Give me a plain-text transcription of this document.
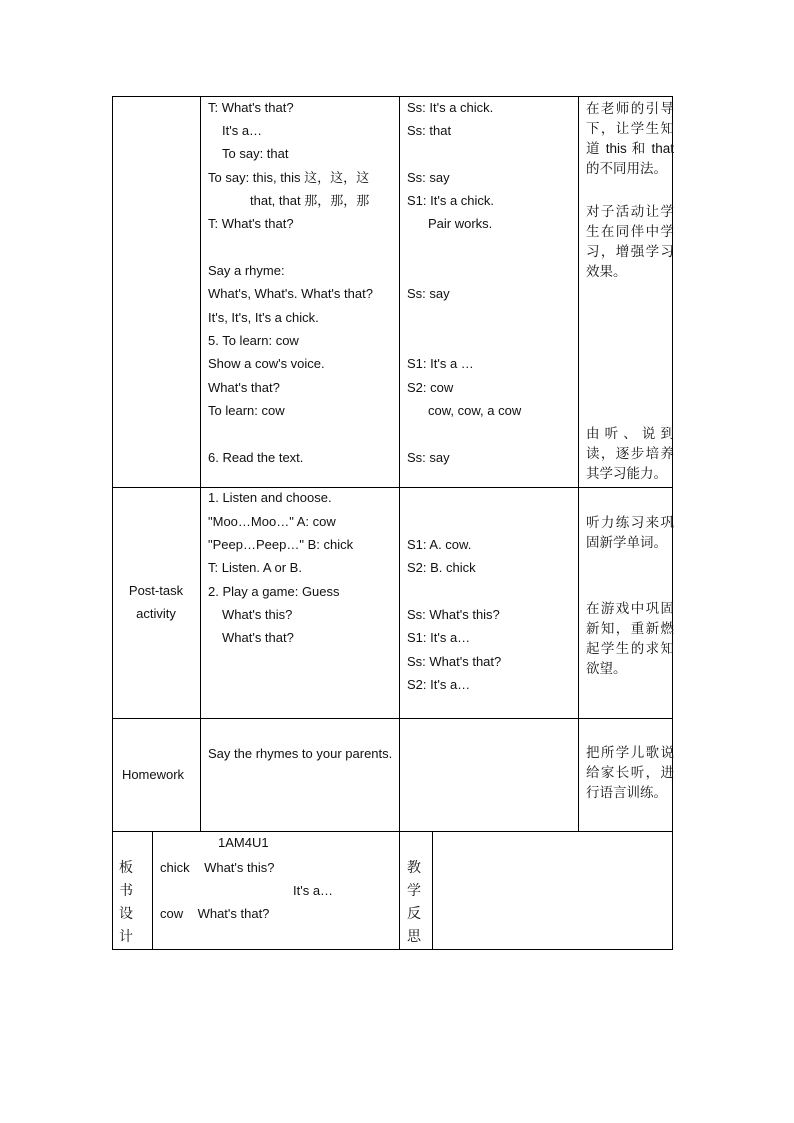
T: What's that?
It's a…
To say: that
To say: this, this 这，这，这
that, that 那，那，那
T: What's that?
Say a rhyme:
What's, What's. What's that?
It's, It's, It's a chick.
5. To learn: cow
Show a cow's voice.
What's that?
To learn: cow
6. Read the text.
Ss: It's a chick.
Ss: that
Ss: say
S1: It's a chick.
Pair works.
Ss: say
S1: It's a …
S2: cow
cow, cow, a cow
Ss: say
在老师的引导下，让学生知道 this 和 that 的不同用法。
对子活动让学生在同伴中学习，增强学习效果。
由听、说到读，逐步培养其学习能力。
Post-task activity
1. Listen and choose.
"Moo…Moo…" A: cow
"Peep…Peep…" B: chick
T: Listen. A or B.
2. Play a game: Guess
What's this?
What's that?
S1: A. cow.
S2: B. chick
Ss: What's this?
S1: It's a…
Ss: What's that?
S2: It's a…
听力练习来巩固新学单词。
在游戏中巩固新知，重新燃起学生的求知欲望。
Homework
Say the rhymes to your parents.	把所学儿歌说给家长听，进行语言训练。
板
书
设
计
1AM4U1
chick    What's this?
It's a…
cow    What's that?
教
学
反
思
